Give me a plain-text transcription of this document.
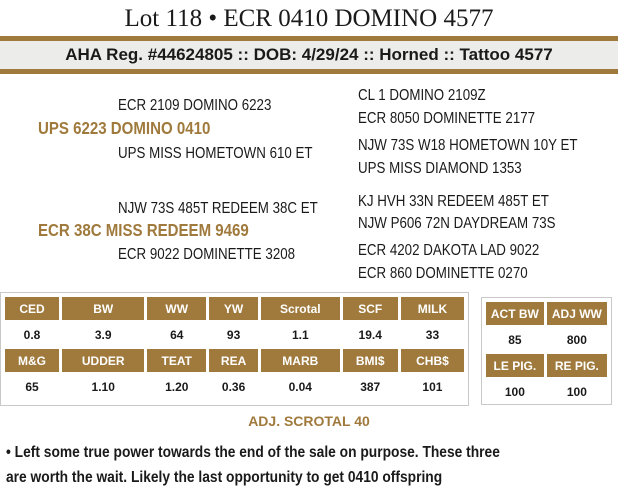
Lot 118 • ECR 0410 DOMINO 4577
AHA Reg. #44624805 :: DOB: 4/29/24 :: Horned :: Tattoo 4577
ECR 2109 DOMINO 6223
UPS 6223 DOMINO 0410
UPS MISS HOMETOWN 610 ET
CL 1 DOMINO 2109Z
ECR 8050 DOMINETTE 2177
NJW 73S W18 HOMETOWN 10Y ET
UPS MISS DIAMOND 1353
NJW 73S 485T REDEEM 38C ET
ECR 38C MISS REDEEM 9469
ECR 9022 DOMINETTE 3208
KJ HVH 33N REDEEM 485T ET
NJW P606 72N DAYDREAM 73S
ECR 4202 DAKOTA LAD 9022
ECR 860 DOMINETTE 0270
CED	BW	WW	YW	Scrotal	SCF	MILK
0.8	3.9	64	93	1.1	19.4	33
M&G	UDDER	TEAT	REA	MARB	BMI$	CHB$
65	1.10	1.20	0.36	0.04	387	101
ACT BW	ADJ WW
85	800
LE PIG.	RE PIG.
100	100
ADJ. SCROTAL 40
• Left some true power towards the end of the sale on purpose. These three
are worth the wait. Likely the last opportunity to get 0410 offspring
